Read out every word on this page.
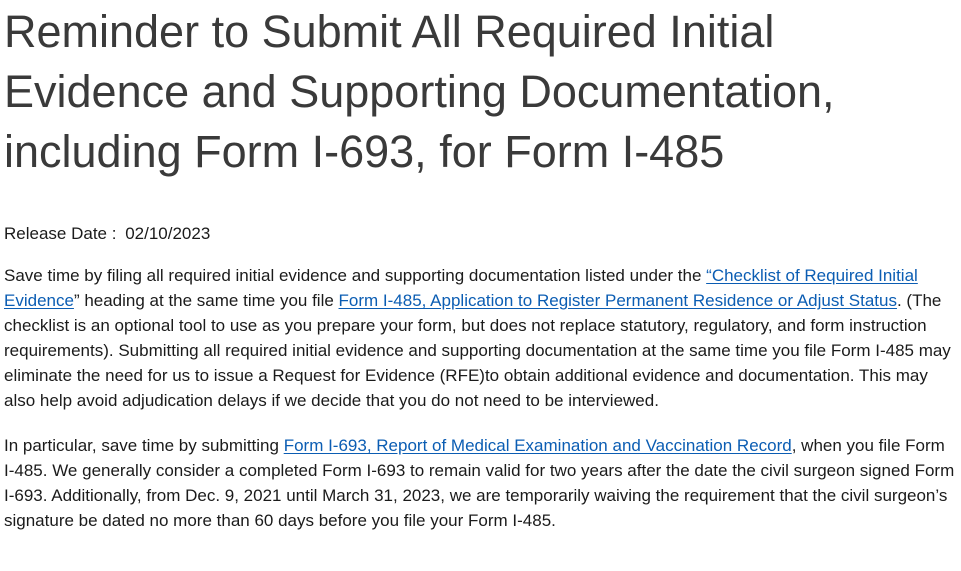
Reminder to Submit All Required Initial Evidence and Supporting Documentation, including Form I-693, for Form I-485
Release Date : 02/10/2023

Save time by filing all required initial evidence and supporting documentation listed under the “Checklist of Required Initial Evidence” heading at the same time you file Form I-485, Application to Register Permanent Residence or Adjust Status. (The checklist is an optional tool to use as you prepare your form, but does not replace statutory, regulatory, and form instruction requirements). Submitting all required initial evidence and supporting documentation at the same time you file Form I-485 may eliminate the need for us to issue a Request for Evidence (RFE)to obtain additional evidence and documentation. This may also help avoid adjudication delays if we decide that you do not need to be interviewed.

In particular, save time by submitting Form I-693, Report of Medical Examination and Vaccination Record, when you file Form I-485. We generally consider a completed Form I-693 to remain valid for two years after the date the civil surgeon signed Form I-693. Additionally, from Dec. 9, 2021 until March 31, 2023, we are temporarily waiving the requirement that the civil surgeon’s signature be dated no more than 60 days before you file your Form I-485.
